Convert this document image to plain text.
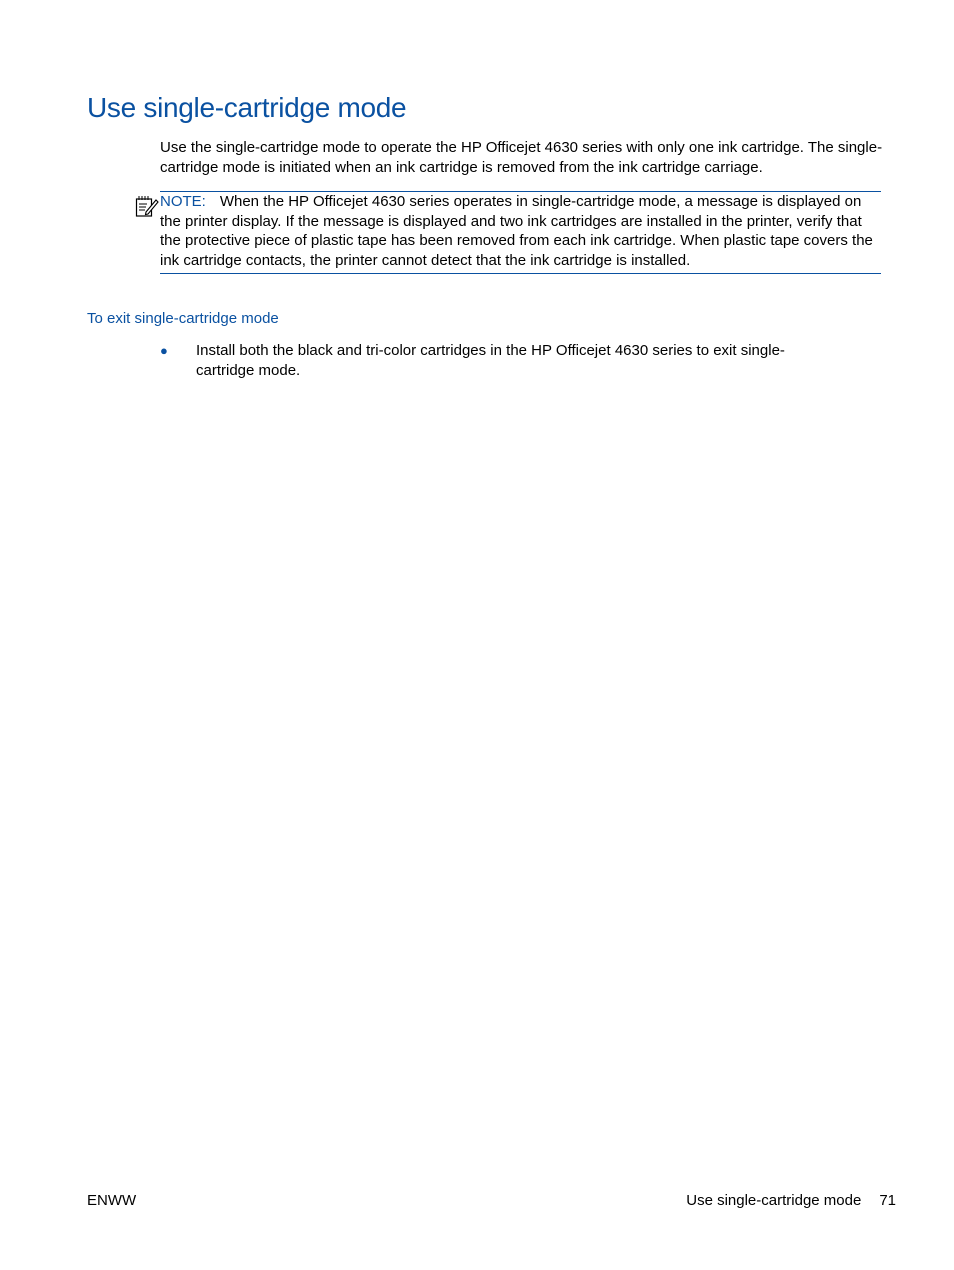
Use single-cartridge mode

Use the single-cartridge mode to operate the HP Officejet 4630 series with only one ink cartridge. The single-cartridge mode is initiated when an ink cartridge is removed from the ink cartridge carriage.

NOTE: When the HP Officejet 4630 series operates in single-cartridge mode, a message is displayed on the printer display. If the message is displayed and two ink cartridges are installed in the printer, verify that the protective piece of plastic tape has been removed from each ink cartridge. When plastic tape covers the ink cartridge contacts, the printer cannot detect that the ink cartridge is installed.

To exit single-cartridge mode
● Install both the black and tri-color cartridges in the HP Officejet 4630 series to exit single-cartridge mode.
ENWW	Use single-cartridge mode 71
